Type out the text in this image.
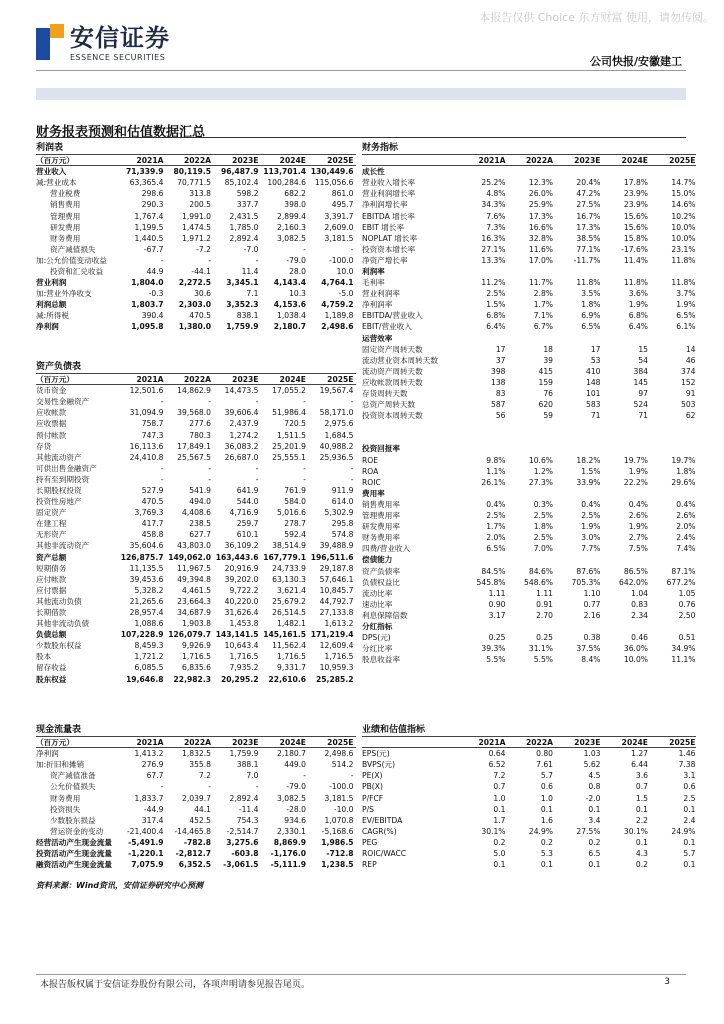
本报告仅供 Choice 东方财富 使用，请勿传阅。
安信证券
ESSENCE SECURITIES	公司快报/安徽建工
财务报表预测和估值数据汇总
利润表
（百万元）	2021A	2022A	2023E	2024E	2025E
营业收入	71,339.9	80,119.5	96,487.9 113,701.4 130,449.6
减:营业成本	63,365.4	70,771.5	85,102.4	100,284.6	115,056.6
营业税费	298.6	313.8	598.2	682.2	861.0
销售费用	290.3	200.5	337.7	398.0	495.7
管理费用	1,767.4	1,991.0	2,431.5	2,899.4	3,391.7
研发费用	1,199.5	1,474.5	1,785.0	2,160.3	2,609.0
财务费用	1,440.5	1,971.2	2,892.4	3,082.5	3,181.5
资产减值损失	-67.7	-7.2	-7.0	-	-
加:公允价值变动收益	-	-	-	-79.0	-100.0
投资和汇兑收益	44.9	-44.1	11.4	28.0	10.0
营业利润	1,804.0	2,272.5	3,345.1	4,143.4	4,764.1
加:营业外净收支	-0.3	30.6	7.1	10.3	-5.0
利润总额	1,803.7	2,303.0	3,352.3	4,153.6	4,759.2
减:所得税	390.4	470.5	838.1	1,038.4	1,189.8
净利润	1,095.8	1,380.0	1,759.9	2,180.7	2,498.6
资产负债表
（百万元）	2021A	2022A	2023E	2024E	2025E
货币资金	12,501.6	14,862.9	14,473.5	17,055.2	19,567.4
交易性金融资产	-	-	-	-	-
应收帐款	31,094.9	39,568.0	39,606.4	51,986.4	58,171.0
应收票据	758.7	277.6	2,437.9	720.5	2,975.6
预付帐款	747.3	780.3	1,274.2	1,511.5	1,684.5
存货	16,113.6	17,849.1	36,083.2	25,201.9	40,988.2
其他流动资产	24,410.8	25,567.5	26,687.0	25,555.1	25,936.5
可供出售金融资产	-	-	-	-	-
持有至到期投资	-	-	-	-	-
长期股权投资	527.9	541.9	641.9	761.9	911.9
投资性房地产	470.5	494.0	544.0	584.0	614.0
固定资产	3,769.3	4,408.6	4,716.9	5,016.6	5,302.9
在建工程	417.7	238.5	259.7	278.7	295.8
无形资产	458.8	627.7	610.1	592.4	574.8
其他非流动资产	35,604.6	43,803.0	36,109.2	38,514.9	39,488.9
资产总额	126,875.7 149,062.0 163,443.6 167,779.1 196,511.6
短期债务	11,135.5	11,967.5	20,916.9	24,733.9	29,187.8
应付帐款	39,453.6	49,394.8	39,202.0	63,130.3	57,646.1
应付票据	5,328.2	4,461.5	9,722.2	3,621.4	10,845.7
其他流动负债	21,265.6	23,664.3	40,220.0	25,679.2	44,792.7
长期借款	28,957.4	34,687.9	31,626.4	26,514.5	27,133.8
其他非流动负债	1,088.6	1,903.8	1,453.8	1,482.1	1,613.2
负债总额	107,228.9 126,079.7 143,141.5 145,161.5 171,219.4
少数股东权益	8,459.3	9,926.9	10,643.4	11,562.4	12,609.4
股本	1,721.2	1,716.5	1,716.5	1,716.5	1,716.5
留存收益	6,085.5	6,835.6	7,935.2	9,331.7	10,959.3
股东权益	19,646.8	22,982.3	20,295.2	22,610.6	25,285.2
现金流量表
（百万元）	2021A	2022A	2023E	2024E	2025E
净利润	1,413.2	1,832.5	1,759.9	2,180.7	2,498.6
加:折旧和摊销	276.9	355.8	388.1	449.0	514.2
资产减值准备	67.7	7.2	7.0	-	-
公允价值损失	-	-	-	-79.0	-100.0
财务费用	1,833.7	2,039.7	2,892.4	3,082.5	3,181.5
投资损失	-44.9	44.1	-11.4	-28.0	-10.0
少数股东损益	317.4	452.5	754.3	934.6	1,070.8
营运资金的变动	-21,400.4	-14,465.8	-2,514.7	2,330.1	-5,168.6
经营活动产生现金流量	-5,491.9	-782.8	3,275.6	8,869.9	1,986.5
投资活动产生现金流量	-1,220.1	-2,812.7	-603.8	-1,176.0	-712.8
融资活动产生现金流量	7,075.9	6,352.5	-3,061.5	-5,111.9	1,238.5
财务指标
2021A	2022A	2023E	2024E	2025E
成长性
营业收入增长率	25.2%	12.3%	20.4%	17.8%	14.7%
营业利润增长率	4.8%	26.0%	47.2%	23.9%	15.0%
净利润增长率	34.3%	25.9%	27.5%	23.9%	14.6%
EBITDA 增长率	7.6%	17.3%	16.7%	15.6%	10.2%
EBIT 增长率	7.3%	16.6%	17.3%	15.6%	10.0%
NOPLAT 增长率	16.3%	32.8%	38.5%	15.8%	10.0%
投资资本增长率	27.1%	11.6%	77.1%	-17.6%	23.1%
净资产增长率	13.3%	17.0%	-11.7%	11.4%	11.8%
利润率
毛利率	11.2%	11.7%	11.8%	11.8%	11.8%
营业利润率	2.5%	2.8%	3.5%	3.6%	3.7%
净利润率	1.5%	1.7%	1.8%	1.9%	1.9%
EBITDA/营业收入	6.8%	7.1%	6.9%	6.8%	6.5%
EBIT/营业收入	6.4%	6.7%	6.5%	6.4%	6.1%
运营效率
固定资产周转天数	17	18	17	15	14
流动营业资本周转天数	37	39	53	54	46
流动资产周转天数	398	415	410	384	374
应收帐款周转天数	138	159	148	145	152
存货周转天数	83	76	101	97	91
总资产周转天数	587	620	583	524	503
投资资本周转天数	56	59	71	71	62
投资回报率
ROE	9.8%	10.6%	18.2%	19.7%	19.7%
ROA	1.1%	1.2%	1.5%	1.9%	1.8%
ROIC	26.1%	27.3%	33.9%	22.2%	29.6%
费用率
销售费用率	0.4%	0.3%	0.4%	0.4%	0.4%
管理费用率	2.5%	2.5%	2.5%	2.6%	2.6%
研发费用率	1.7%	1.8%	1.9%	1.9%	2.0%
财务费用率	2.0%	2.5%	3.0%	2.7%	2.4%
四费/营业收入	6.5%	7.0%	7.7%	7.5%	7.4%
偿债能力
资产负债率	84.5%	84.6%	87.6%	86.5%	87.1%
负债权益比	545.8%	548.6%	705.3%	642.0%	677.2%
流动比率	1.11	1.11	1.10	1.04	1.05
速动比率	0.90	0.91	0.77	0.83	0.76
利息保障倍数	3.17	2.70	2.16	2.34	2.50
分红指标
DPS(元)	0.25	0.25	0.38	0.46	0.51
分红比率	39.3%	31.1%	37.5%	36.0%	34.9%
股息收益率	5.5%	5.5%	8.4%	10.0%	11.1%
业绩和估值指标
2021A	2022A	2023E	2024E	2025E
EPS(元)	0.64	0.80	1.03	1.27	1.46
BVPS(元)	6.52	7.61	5.62	6.44	7.38
PE(X)	7.2	5.7	4.5	3.6	3.1
PB(X)	0.7	0.6	0.8	0.7	0.6
P/FCF	1.0	1.0	-2.0	1.5	2.5
P/S	0.1	0.1	0.1	0.1	0.1
EV/EBITDA	1.7	1.6	3.4	2.2	2.4
CAGR(%)	30.1%	24.9%	27.5%	30.1%	24.9%
PEG	0.2	0.2	0.2	0.1	0.1
ROIC/WACC	5.0	5.3	6.5	4.3	5.7
REP	0.1	0.1	0.1	0.2	0.1
资料来源：Wind资讯，安信证券研究中心预测
本报告版权属于安信证券股份有限公司，各项声明请参见报告尾页。	3
